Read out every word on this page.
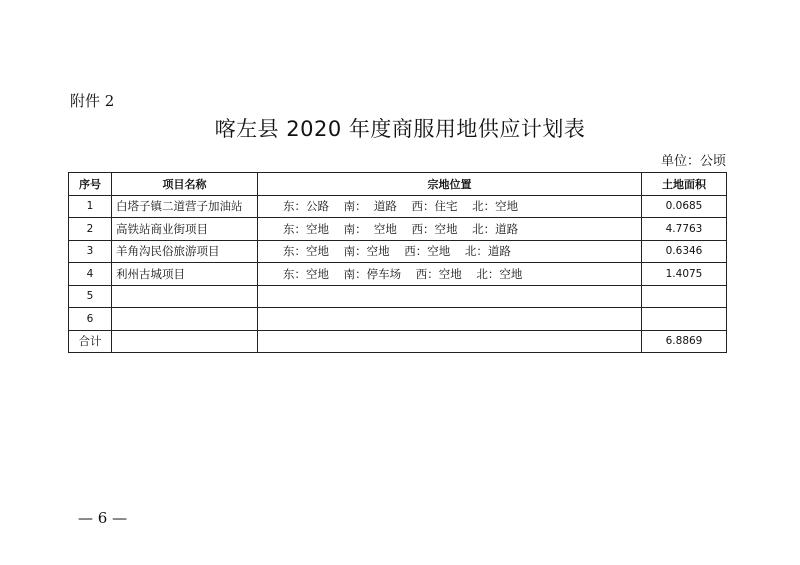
附件 2
喀左县 2020 年度商服用地供应计划表
单位：公顷
序号	项目名称	宗地位置	土地面积
1	白塔子镇二道营子加油站	东：公路    南：  道路    西：住宅    北：空地	0.0685
2	高铁站商业街项目	东：空地    南：  空地    西：空地    北：道路	4.7763
3	羊角沟民俗旅游项目	东：空地    南：空地    西：空地    北：道路	0.6346
4	利州古城项目	东：空地    南：停车场    西：空地    北：空地	1.4075
5			
6			
合计			6.8869
— 6 —
